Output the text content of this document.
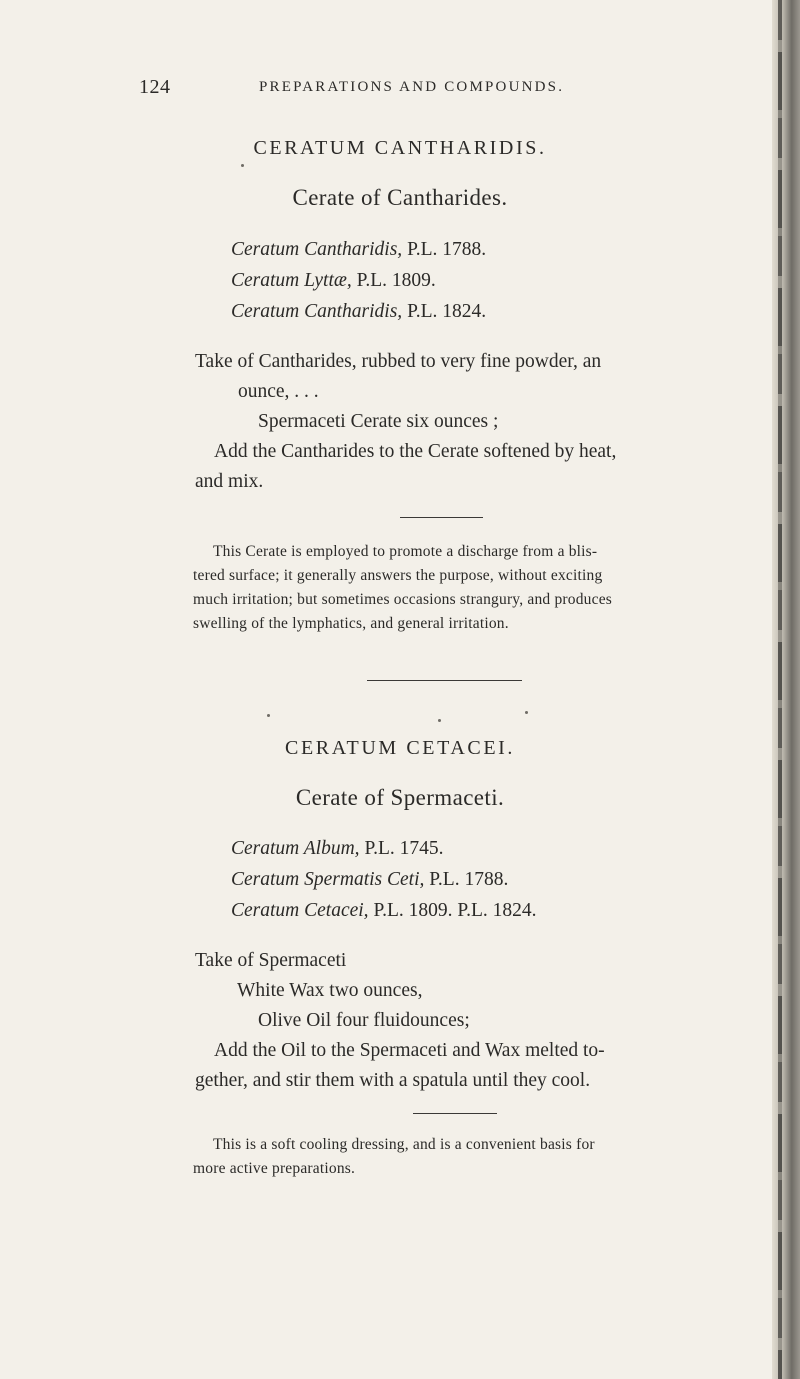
124	PREPARATIONS AND COMPOUNDS.
CERATUM CANTHARIDIS.
Cerate of Cantharides.
Ceratum Cantharidis, P.L. 1788.
Ceratum Lyttæ, P.L. 1809.
Ceratum Cantharidis, P.L. 1824.
Take of Cantharides, rubbed to very fine powder, an
ounce, . . .
Spermaceti Cerate six ounces ;
Add the Cantharides to the Cerate softened by heat,
and mix.
This Cerate is employed to promote a discharge from a blis-
tered surface; it generally answers the purpose, without exciting
much irritation; but sometimes occasions strangury, and produces
swelling of the lymphatics, and general irritation.
CERATUM CETACEI.
Cerate of Spermaceti.
Ceratum Album, P.L. 1745.
Ceratum Spermatis Ceti, P.L. 1788.
Ceratum Cetacei, P.L. 1809. P.L. 1824.
Take of Spermaceti
White Wax two ounces,
Olive Oil four fluidounces;
Add the Oil to the Spermaceti and Wax melted to-
gether, and stir them with a spatula until they cool.
This is a soft cooling dressing, and is a convenient basis for
more active preparations.
